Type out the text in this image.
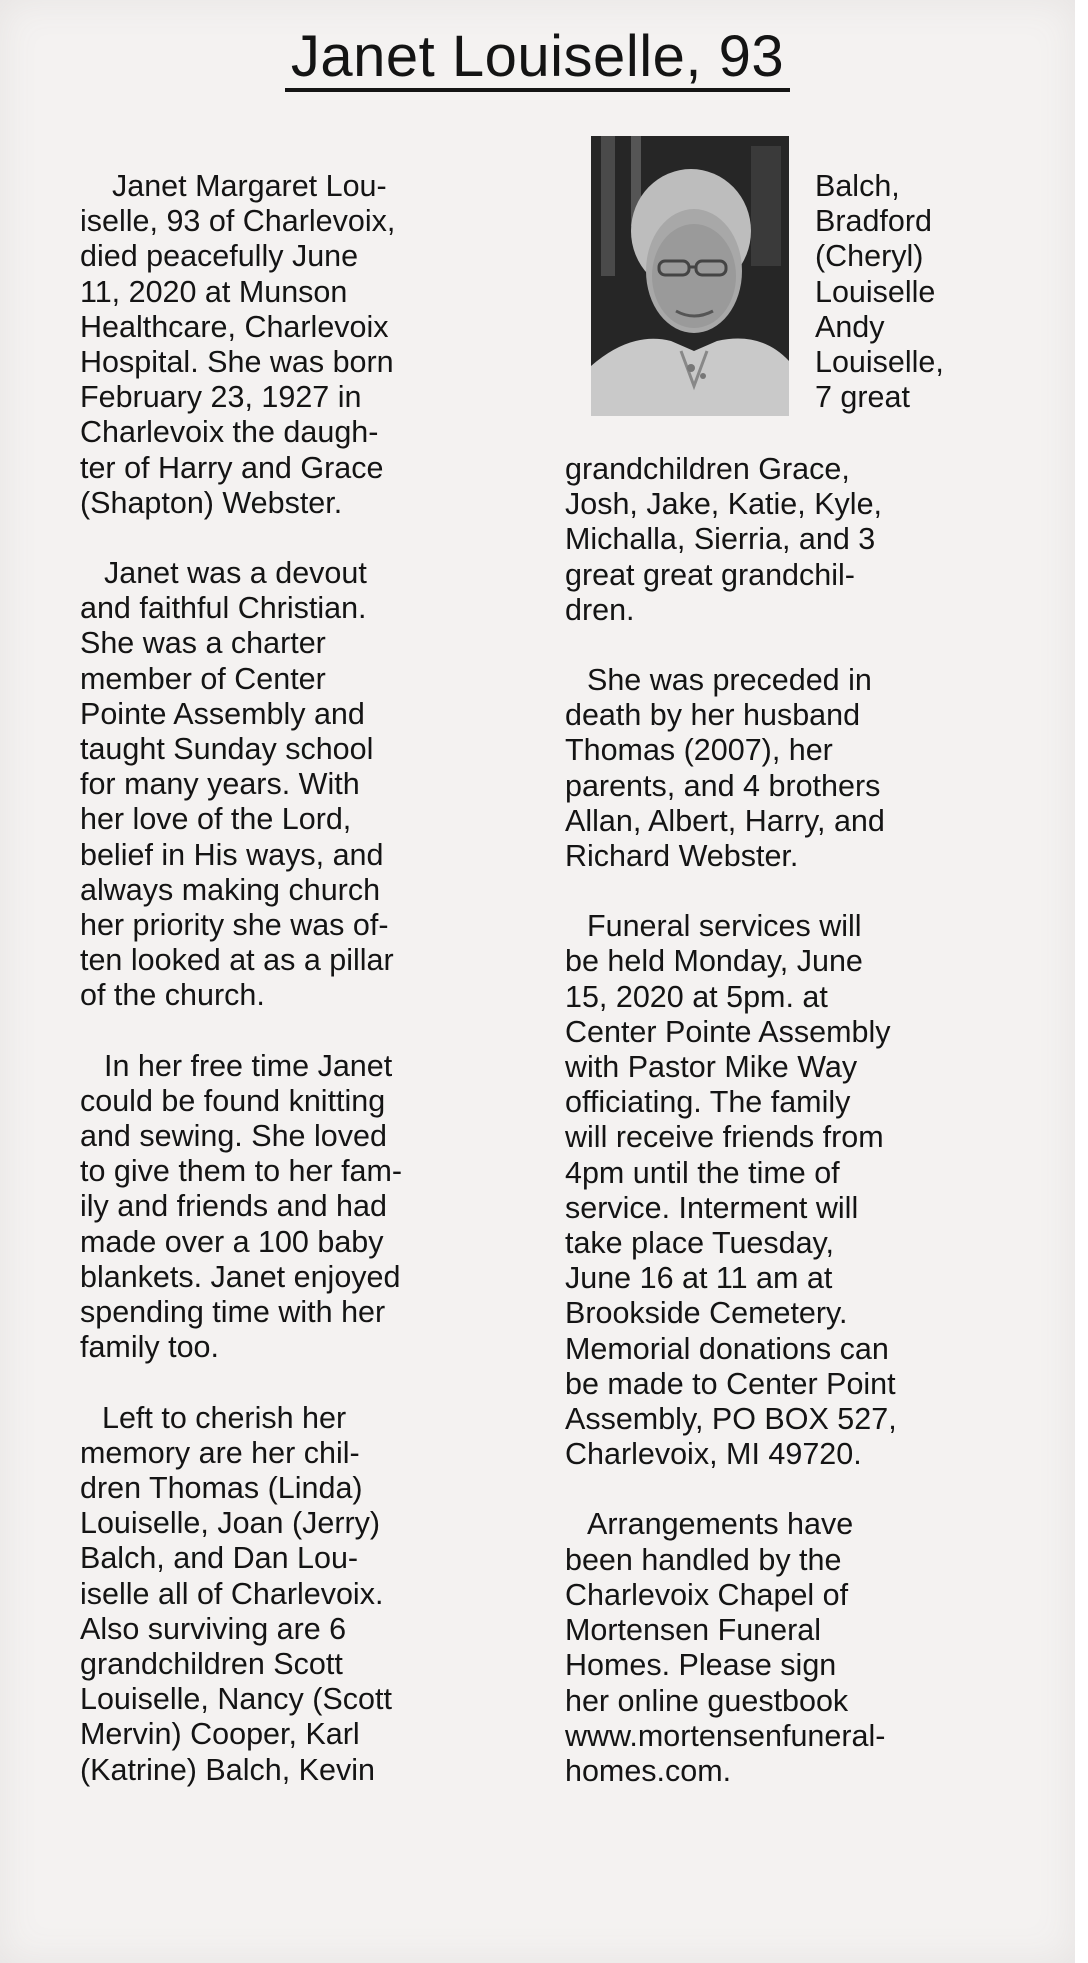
Janet Louiselle, 93

Janet Margaret Lou-
iselle, 93 of Charlevoix,
died peacefully June
11, 2020 at Munson
Healthcare, Charlevoix
Hospital. She was born
February 23, 1927 in
Charlevoix the daugh-
ter of Harry and Grace
(Shapton) Webster.

Janet was a devout
and faithful Christian.
She was a charter
member of Center
Pointe Assembly and
taught Sunday school
for many years. With
her love of the Lord,
belief in His ways, and
always making church
her priority she was of-
ten looked at as a pillar
of the church.

In her free time Janet
could be found knitting
and sewing. She loved
to give them to her fam-
ily and friends and had
made over a 100 baby
blankets. Janet enjoyed
spending time with her
family too.

Left to cherish her
memory are her chil-
dren Thomas (Linda)
Louiselle, Joan (Jerry)
Balch, and Dan Lou-
iselle all of Charlevoix.
Also surviving are 6
grandchildren Scott
Louiselle, Nancy (Scott
Mervin) Cooper, Karl
(Katrine) Balch, Kevin

Balch,
Bradford
(Cheryl)
Louiselle
Andy
Louiselle,
7 great

grandchildren Grace,
Josh, Jake, Katie, Kyle,
Michalla, Sierria, and 3
great great grandchil-
dren.

She was preceded in
death by her husband
Thomas (2007), her
parents, and 4 brothers
Allan, Albert, Harry, and
Richard Webster.

Funeral services will
be held Monday, June
15, 2020 at 5pm. at
Center Pointe Assembly
with Pastor Mike Way
officiating. The family
will receive friends from
4pm until the time of
service. Interment will
take place Tuesday,
June 16 at 11 am at
Brookside Cemetery.
Memorial donations can
be made to Center Point
Assembly, PO BOX 527,
Charlevoix, MI 49720.

Arrangements have
been handled by the
Charlevoix Chapel of
Mortensen Funeral
Homes. Please sign
her online guestbook
www.mortensenfuneral-
homes.com.
